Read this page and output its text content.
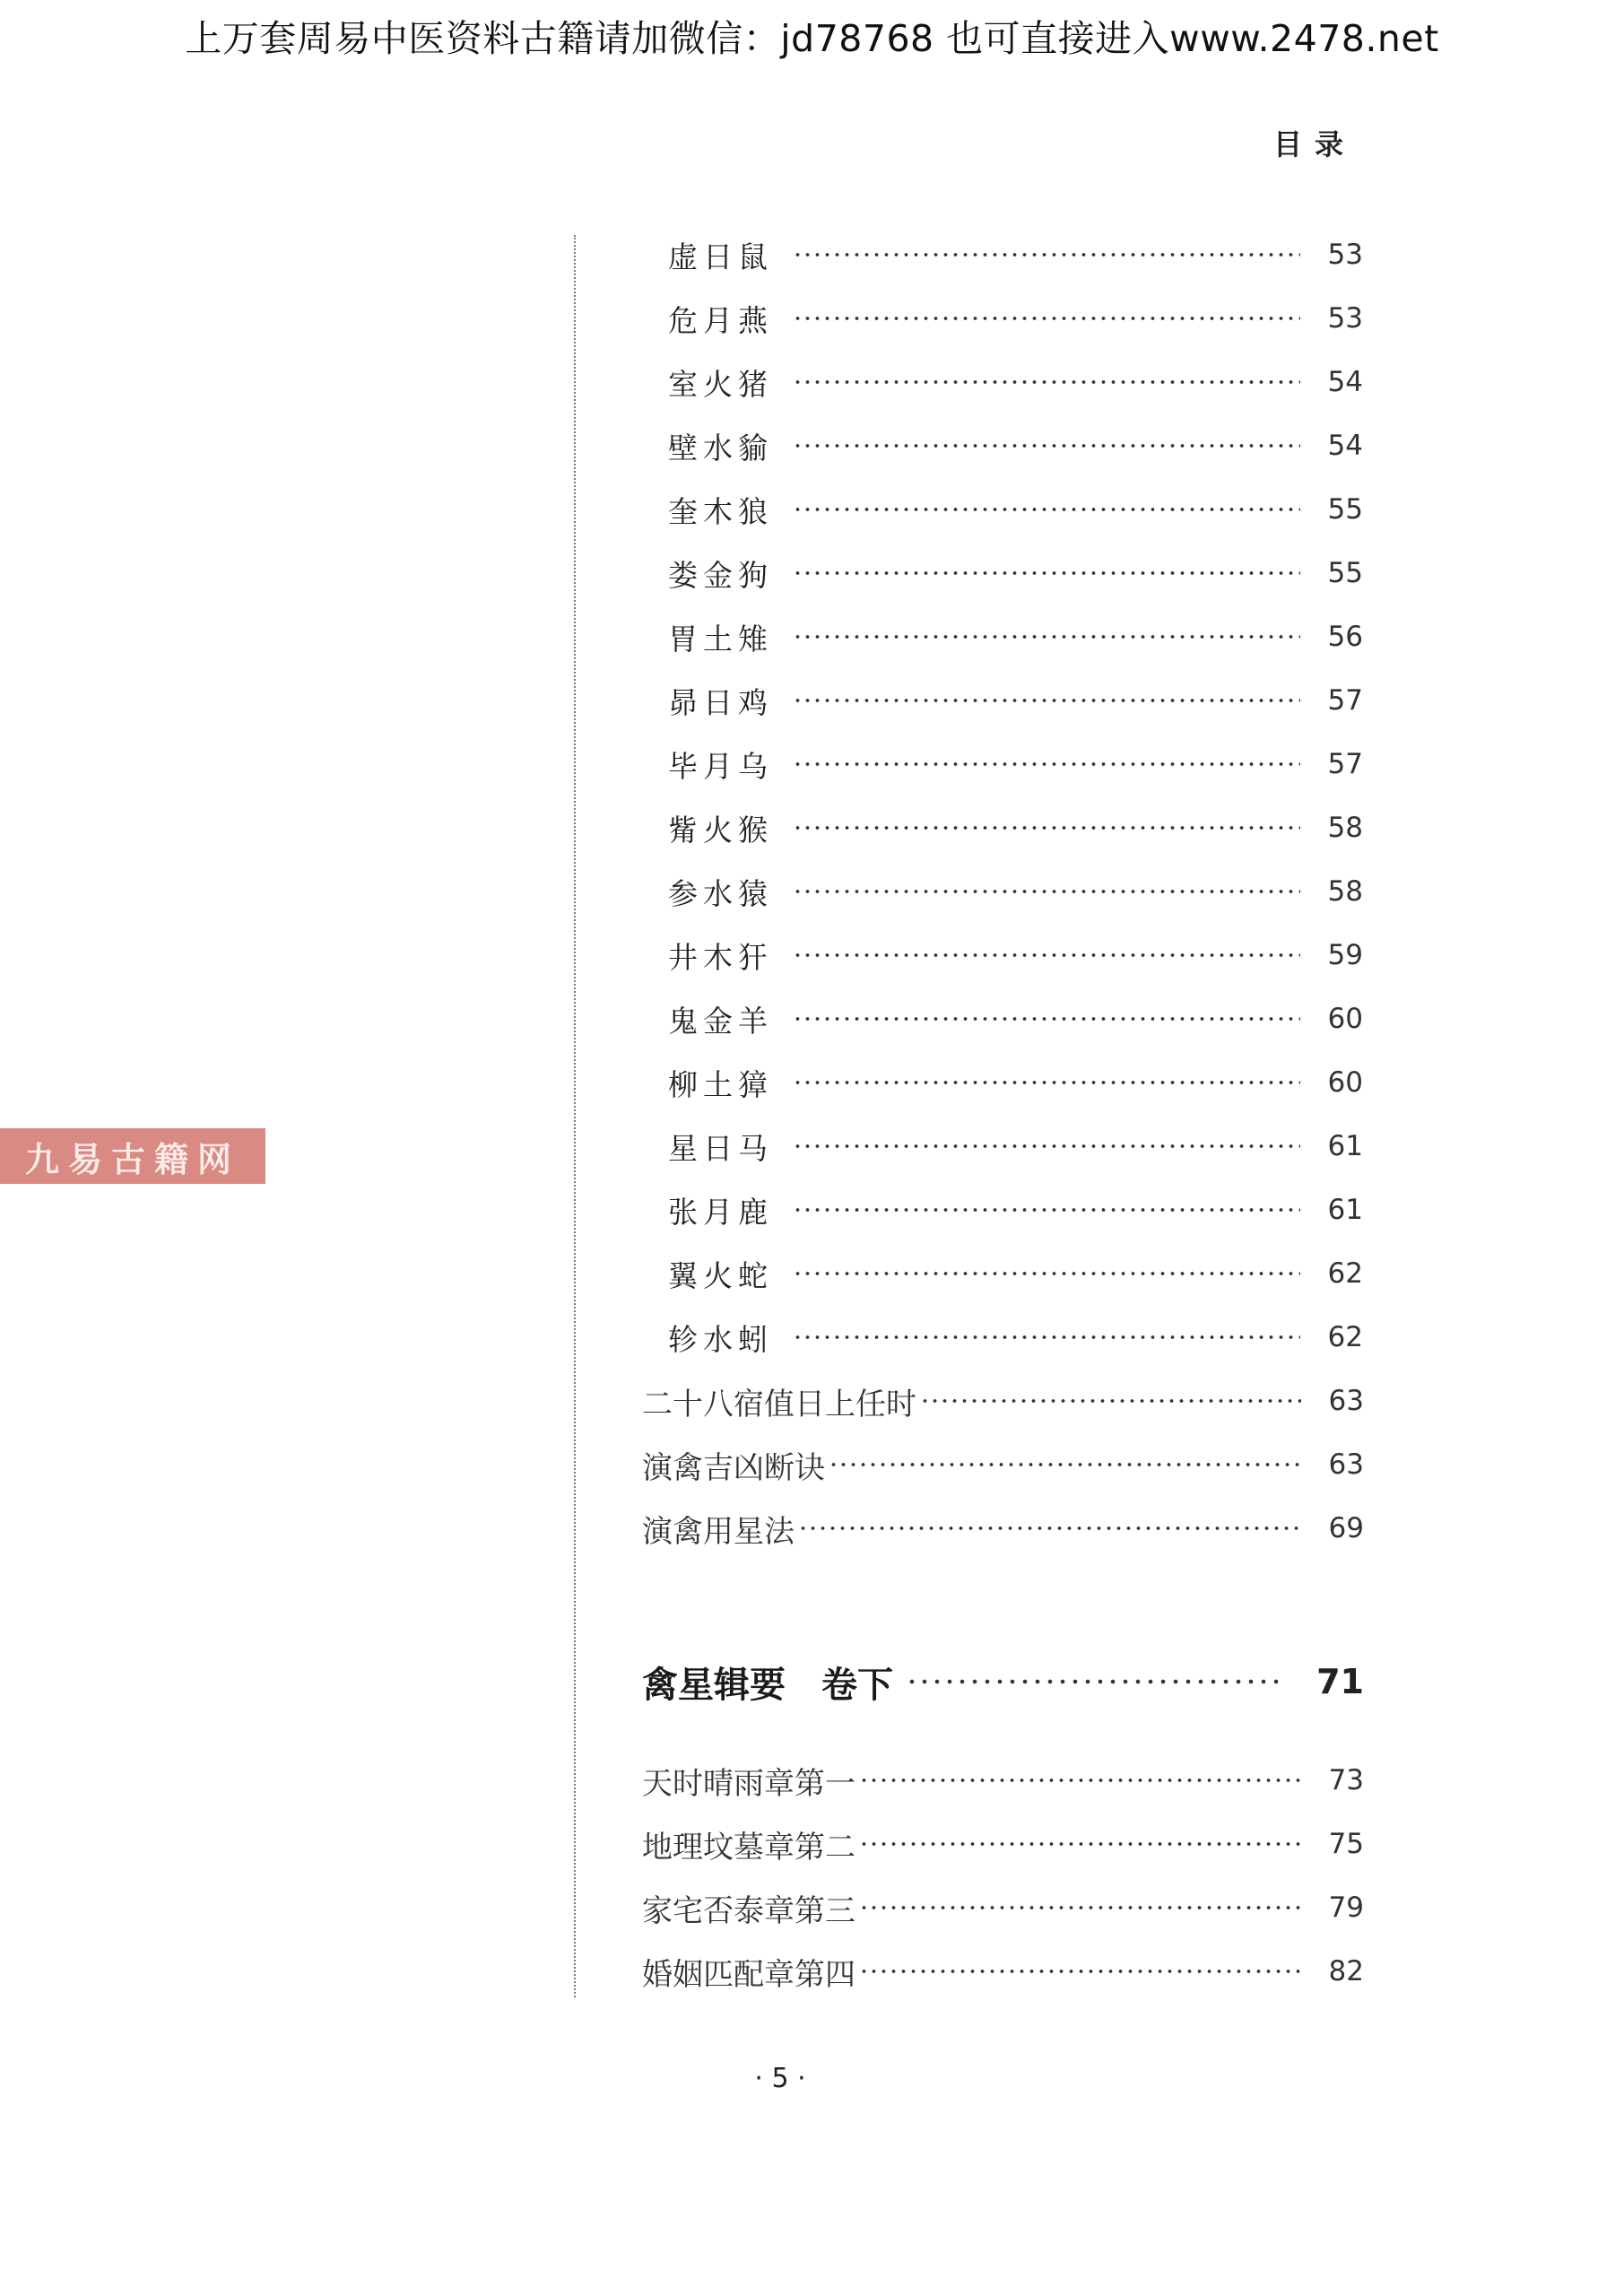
上万套周易中医资料古籍请加微信：jd78768 也可直接进入www.2478.net
目录
虚日鼠	53
危月燕	53
室火猪	54
壁水貐	54
奎木狼	55
娄金狗	55
胃土雉	56
昴日鸡	57
毕月乌	57
觜火猴	58
参水猿	58
井木犴	59
鬼金羊	60
柳土獐	60
星日马	61
张月鹿	61
翼火蛇	62
轸水蚓	62
二十八宿值日上任时	63
演禽吉凶断诀	63
演禽用星法	69
禽星辑要　卷下	71
天时晴雨章第一	73
地理坟墓章第二	75
家宅否泰章第三	79
婚姻匹配章第四	82
九易古籍网
· 5 ·
